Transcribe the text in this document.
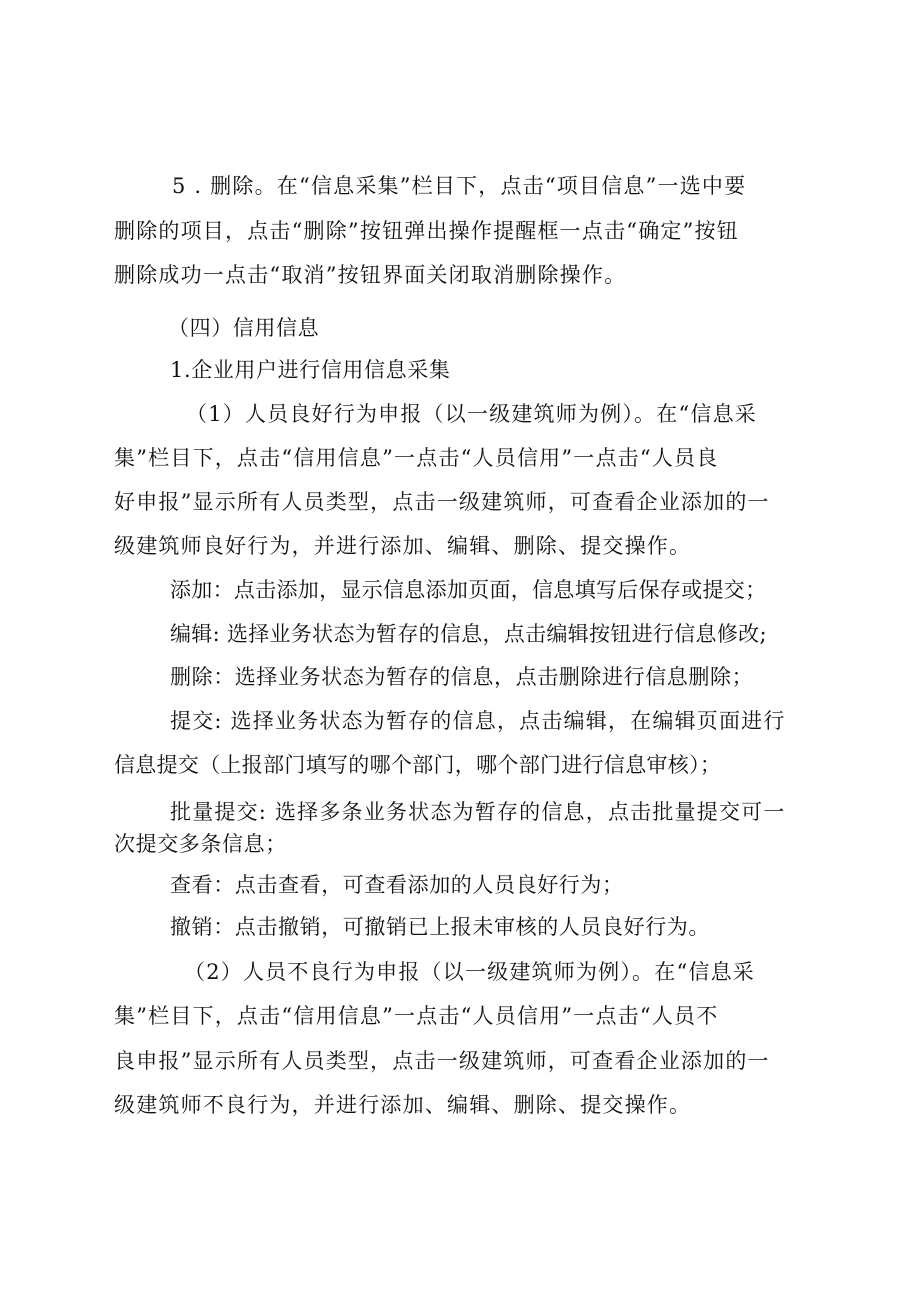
5 . 删除。在“信息采集”栏目下，点击“项目信息”一选中要
删除的项目，点击“删除”按钮弹出操作提醒框一点击“确定”按钮
删除成功一点击“取消”按钮界面关闭取消删除操作。
（四）信用信息
1.企业用户进行信用信息采集
（1）人员良好行为申报（以一级建筑师为例）。在“信息采
集”栏目下，点击“信用信息”一点击“人员信用”一点击“人员良
好申报”显示所有人员类型，点击一级建筑师，可查看企业添加的一
级建筑师良好行为，并进行添加、编辑、删除、提交操作。
添加：点击添加，显示信息添加页面，信息填写后保存或提交；
编辑: 选择业务状态为暂存的信息，点击编辑按钮进行信息修改;
删除：选择业务状态为暂存的信息，点击删除进行信息删除；
提交: 选择业务状态为暂存的信息，点击编辑，在编辑页面进行
信息提交（上报部门填写的哪个部门，哪个部门进行信息审核）；
批量提交: 选择多条业务状态为暂存的信息，点击批量提交可一
次提交多条信息；
查看：点击查看，可查看添加的人员良好行为；
撤销：点击撤销，可撤销已上报未审核的人员良好行为。
（2）人员不良行为申报（以一级建筑师为例）。在“信息采
集”栏目下，点击“信用信息”一点击“人员信用”一点击“人员不
良申报”显示所有人员类型，点击一级建筑师，可查看企业添加的一
级建筑师不良行为，并进行添加、编辑、删除、提交操作。
